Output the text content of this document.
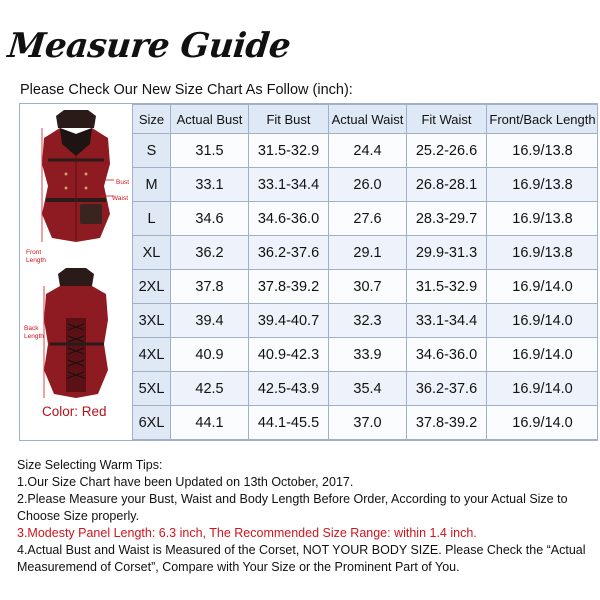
Measure Guide
Please Check Our New Size Chart As Follow (inch):
Bust
Waist
Front
Length
Back
Length
Color: Red
Size	Actual Bust	Fit Bust	Actual Waist	Fit Waist	Front/Back Length
S	31.5	31.5-32.9	24.4	25.2-26.6	16.9/13.8
M	33.1	33.1-34.4	26.0	26.8-28.1	16.9/13.8
L	34.6	34.6-36.0	27.6	28.3-29.7	16.9/13.8
XL	36.2	36.2-37.6	29.1	29.9-31.3	16.9/13.8
2XL	37.8	37.8-39.2	30.7	31.5-32.9	16.9/14.0
3XL	39.4	39.4-40.7	32.3	33.1-34.4	16.9/14.0
4XL	40.9	40.9-42.3	33.9	34.6-36.0	16.9/14.0
5XL	42.5	42.5-43.9	35.4	36.2-37.6	16.9/14.0
6XL	44.1	44.1-45.5	37.0	37.8-39.2	16.9/14.0
Size Selecting Warm Tips:
1.Our Size Chart have been Updated on 13th October, 2017.
2.Please Measure your Bust, Waist and Body Length Before Order, According to your Actual Size to Choose Size properly.
3.Modesty Panel Length: 6.3 inch, The Recommended Size Range: within 1.4 inch.
4.Actual Bust and Waist is Measured of the Corset, NOT YOUR BODY SIZE. Please Check the “Actual Measuremend of Corset”, Compare with Your Size or the Prominent Part of You.
